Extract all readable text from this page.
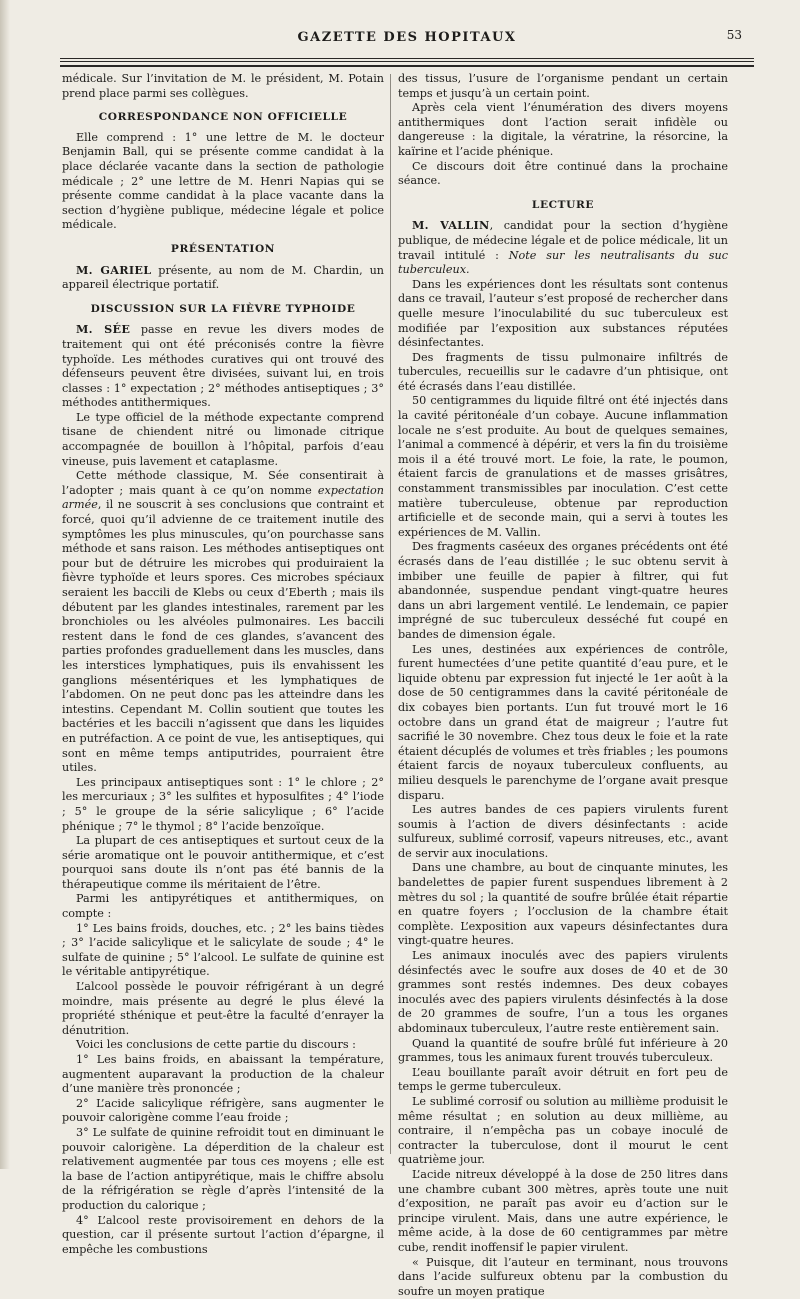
GAZETTE DES HOPITAUX	53

médicale. Sur l’invitation de M. le président, M. Potain prend place parmi ses collègues.

CORRESPONDANCE NON OFFICIELLE

Elle comprend : 1° une lettre de M. le docteur Benjamin Ball, qui se présente comme candidat à la place déclarée vacante dans la section de pathologie médicale ; 2° une lettre de M. Henri Napias qui se présente comme candidat à la place vacante dans la section d’hygiène publique, médecine légale et police médicale.

PRÉSENTATION

M. GARIEL présente, au nom de M. Chardin, un appareil électrique portatif.

DISCUSSION SUR LA FIÈVRE TYPHOIDE

M. SÉE passe en revue les divers modes de traitement qui ont été préconisés contre la fièvre typhoïde. Les méthodes curatives qui ont trouvé des défenseurs peuvent être divisées, suivant lui, en trois classes : 1° expectation ; 2° méthodes antiseptiques ; 3° méthodes antithermiques.

Le type officiel de la méthode expectante comprend tisane de chiendent nitré ou limonade citrique accompagnée de bouillon à l’hôpital, parfois d’eau vineuse, puis lavement et cataplasme.

Cette méthode classique, M. Sée consentirait à l’adopter ; mais quant à ce qu’on nomme expectation armée, il ne souscrit à ses conclusions que contraint et forcé, quoi qu’il advienne de ce traitement inutile des symptômes les plus minuscules, qu’on pourchasse sans méthode et sans raison. Les méthodes antiseptiques ont pour but de détruire les microbes qui produiraient la fièvre typhoïde et leurs spores. Ces microbes spéciaux seraient les baccili de Klebs ou ceux d’Eberth ; mais ils débutent par les glandes intestinales, rarement par les bronchioles ou les alvéoles pulmonaires. Les baccili restent dans le fond de ces glandes, s’avancent des parties profondes graduellement dans les muscles, dans les interstices lymphatiques, puis ils envahissent les ganglions mésentériques et les lymphatiques de l’abdomen. On ne peut donc pas les atteindre dans les intestins. Cependant M. Collin soutient que toutes les bactéries et les baccili n’agissent que dans les liquides en putréfaction. A ce point de vue, les antiseptiques, qui sont en même temps antiputrides, pourraient être utiles.

Les principaux antiseptiques sont : 1° le chlore ; 2° les mercuriaux ; 3° les sulfites et hyposulfites ; 4° l’iode ; 5° le groupe de la série salicylique ; 6° l’acide phénique ; 7° le thymol ; 8° l’acide benzoïque.

La plupart de ces antiseptiques et surtout ceux de la série aromatique ont le pouvoir antithermique, et c’est pourquoi sans doute ils n’ont pas été bannis de la thérapeutique comme ils méritaient de l’être.

Parmi les antipyrétiques et antithermiques, on compte :

1° Les bains froids, douches, etc. ; 2° les bains tièdes ; 3° l’acide salicylique et le salicylate de soude ; 4° le sulfate de quinine ; 5° l’alcool. Le sulfate de quinine est le véritable antipyrétique.

L’alcool possède le pouvoir réfrigérant à un degré moindre, mais présente au degré le plus élevé la propriété sthénique et peut-être la faculté d’enrayer la dénutrition.

Voici les conclusions de cette partie du discours :

1° Les bains froids, en abaissant la température, augmentent auparavant la production de la chaleur d’une manière très prononcée ;

2° L’acide salicylique réfrigère, sans augmenter le pouvoir calorigène comme l’eau froide ;

3° Le sulfate de quinine refroidit tout en diminuant le pouvoir calorigène. La déperdition de la chaleur est relativement augmentée par tous ces moyens ; elle est la base de l’action antipyrétique, mais le chiffre absolu de la réfrigération se règle d’après l’intensité de la production du calorique ;

4° L’alcool reste provisoirement en dehors de la question, car il présente surtout l’action d’épargne, il empêche les combustions

des tissus, l’usure de l’organisme pendant un certain temps et jusqu’à un certain point.

Après cela vient l’énumération des divers moyens antithermiques dont l’action serait infidèle ou dangereuse : la digitale, la vératrine, la résorcine, la kaïrine et l’acide phénique.

Ce discours doit être continué dans la prochaine séance.

LECTURE

M. VALLIN, candidat pour la section d’hygiène publique, de médecine légale et de police médicale, lit un travail intitulé : Note sur les neutralisants du suc tuberculeux.

Dans les expériences dont les résultats sont contenus dans ce travail, l’auteur s’est proposé de rechercher dans quelle mesure l’inoculabilité du suc tuberculeux est modifiée par l’exposition aux substances réputées désinfectantes.

Des fragments de tissu pulmonaire infiltrés de tubercules, recueillis sur le cadavre d’un phtisique, ont été écrasés dans l’eau distillée.

50 centigrammes du liquide filtré ont été injectés dans la cavité péritonéale d’un cobaye. Aucune inflammation locale ne s’est produite. Au bout de quelques semaines, l’animal a commencé à dépérir, et vers la fin du troisième mois il a été trouvé mort. Le foie, la rate, le poumon, étaient farcis de granulations et de masses grisâtres, constamment transmissibles par inoculation. C’est cette matière tuberculeuse, obtenue par reproduction artificielle et de seconde main, qui a servi à toutes les expériences de M. Vallin.

Des fragments caséeux des organes précédents ont été écrasés dans de l’eau distillée ; le suc obtenu servit à imbiber une feuille de papier à filtrer, qui fut abandonnée, suspendue pendant vingt-quatre heures dans un abri largement ventilé. Le lendemain, ce papier imprégné de suc tuberculeux desséché fut coupé en bandes de dimension égale.

Les unes, destinées aux expériences de contrôle, furent humectées d’une petite quantité d’eau pure, et le liquide obtenu par expression fut injecté le 1er août à la dose de 50 centigrammes dans la cavité péritonéale de dix cobayes bien portants. L’un fut trouvé mort le 16 octobre dans un grand état de maigreur ; l’autre fut sacrifié le 30 novembre. Chez tous deux le foie et la rate étaient décuplés de volumes et très friables ; les poumons étaient farcis de noyaux tuberculeux confluents, au milieu desquels le parenchyme de l’organe avait presque disparu.

Les autres bandes de ces papiers virulents furent soumis à l’action de divers désinfectants : acide sulfureux, sublimé corrosif, vapeurs nitreuses, etc., avant de servir aux inoculations.

Dans une chambre, au bout de cinquante minutes, les bandelettes de papier furent suspendues librement à 2 mètres du sol ; la quantité de soufre brûlée était répartie en quatre foyers ; l’occlusion de la chambre était complète. L’exposition aux vapeurs désinfectantes dura vingt-quatre heures.

Les animaux inoculés avec des papiers virulents désinfectés avec le soufre aux doses de 40 et de 30 grammes sont restés indemnes. Des deux cobayes inoculés avec des papiers virulents désinfectés à la dose de 20 grammes de soufre, l’un a tous les organes abdominaux tuberculeux, l’autre reste entièrement sain.

Quand la quantité de soufre brûlé fut inférieure à 20 grammes, tous les animaux furent trouvés tuberculeux.

L’eau bouillante paraît avoir détruit en fort peu de temps le germe tuberculeux.

Le sublimé corrosif ou solution au millième produisit le même résultat ; en solution au deux millième, au contraire, il n’empêcha pas un cobaye inoculé de contracter la tuberculose, dont il mourut le cent quatrième jour.

L’acide nitreux développé à la dose de 250 litres dans une chambre cubant 300 mètres, après toute une nuit d’exposition, ne paraît pas avoir eu d’action sur le principe virulent. Mais, dans une autre expérience, le même acide, à la dose de 60 centigrammes par mètre cube, rendit inoffensif le papier virulent.

« Puisque, dit l’auteur en terminant, nous trouvons dans l’acide sulfureux obtenu par la combustion du soufre un moyen pratique
